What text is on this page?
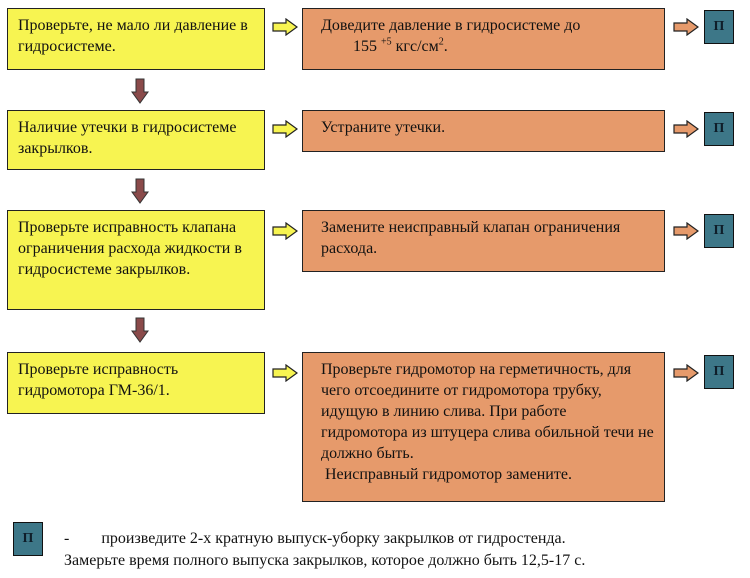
Проверьте, не мало ли давление в гидросистеме.
Доведите давление в гидросистеме до
155 $^{+5}$ кгс/$см^2$.
П
Наличие утечки в гидросистеме закрылков.
Устраните утечки.	П
Проверьте исправность клапана ограничения расхода жидкости в гидросистеме закрылков.
Замените неисправный клапан ограничения расхода.
П
Проверьте исправность гидромотора ГМ-36/1.
Проверьте гидромотор на герметичность, для чего отсоедините от гидромотора трубку, идущую в линию слива. При работе гидромотора из штуцера слива обильной течи не должно быть.
Неисправный гидромотор замените.
П
П - произведите 2-х кратную выпуск-уборку закрылков от гидростенда.
Замерьте время полного выпуска закрылков, которое должно быть 12,5-17 с.
